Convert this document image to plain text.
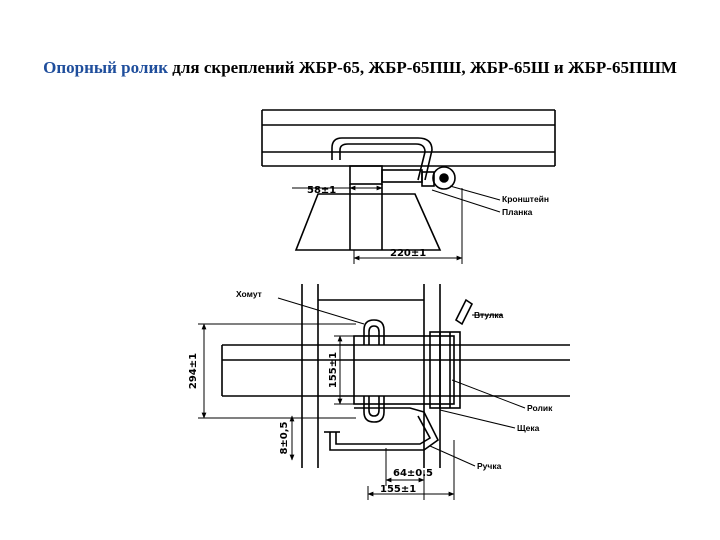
Опорный ролик для скреплений ЖБР-65, ЖБР-65ПШ, ЖБР-65Ш и ЖБР-65ПШМ
58±1
220±1
Кронштейн
Планка
294±1	155±1
8±0,5
64±0.5
155±1
Хомут
Втулка
Ролик
Щека
Ручка
